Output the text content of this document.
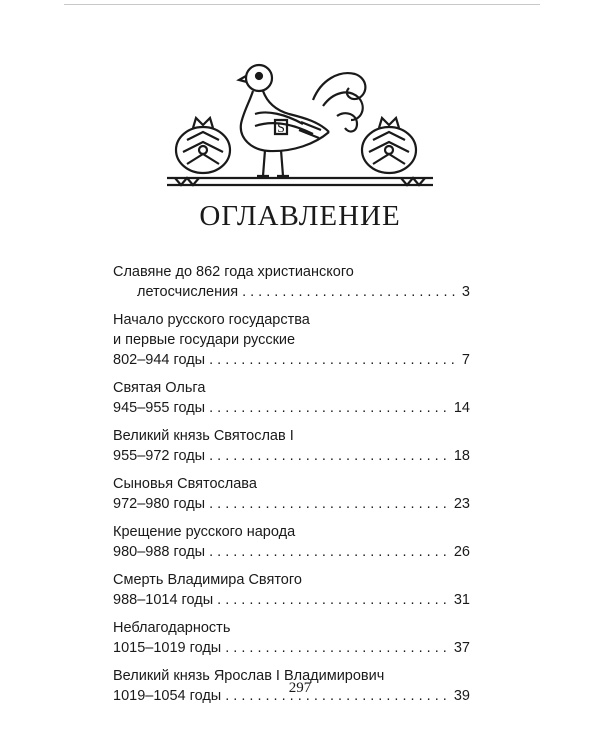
S
ОГЛАВЛЕНИЕ
Славяне до 862 года христианского
летосчисления . . .	3
Начало русского государства
и первые государи русские
802–944 годы . . .	7
Святая Ольга
945–955 годы . . .	14
Великий князь Святослав I
955–972 годы . . .	18
Сыновья Святослава
972–980 годы . . .	23
Крещение русского народа
980–988 годы . . .	26
Смерть Владимира Святого
988–1014 годы . . .	31
Неблагодарность
1015–1019 годы . . .	37
Великий князь Ярослав I Владимирович
1019–1054 годы . . .	39
297
